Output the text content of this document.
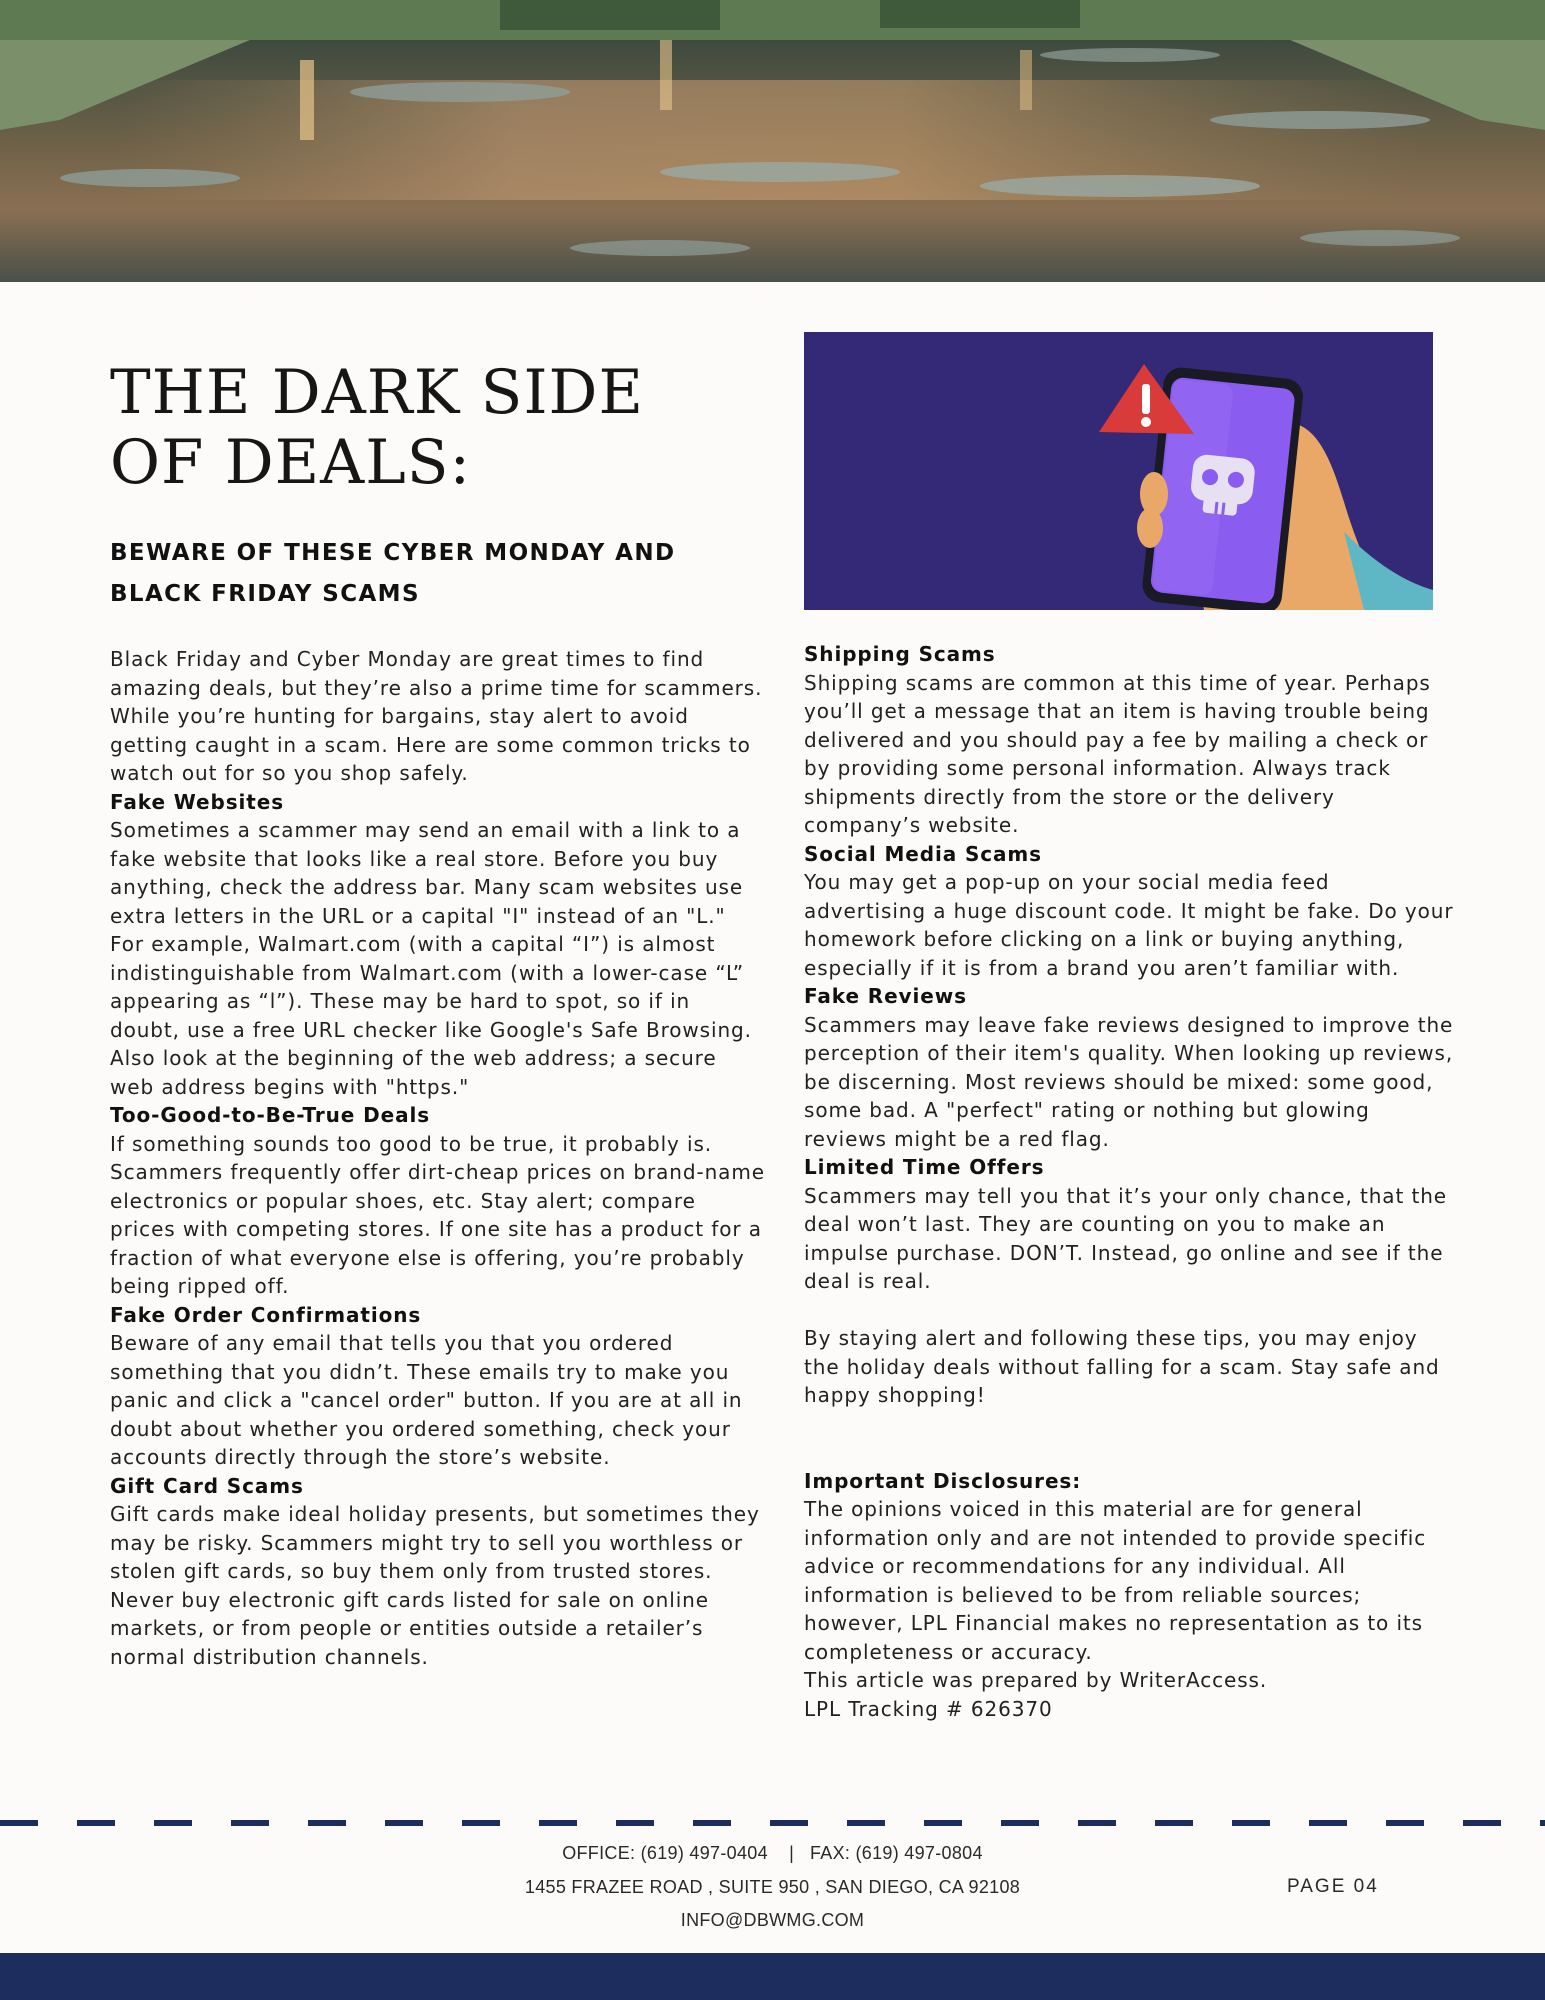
THE DARK SIDE
OF DEALS:
BEWARE OF THESE CYBER MONDAY AND BLACK FRIDAY SCAMS

Black Friday and Cyber Monday are great times to find amazing deals, but they’re also a prime time for scammers. While you’re hunting for bargains, stay alert to avoid getting caught in a scam. Here are some common tricks to watch out for so you shop safely.

Fake Websites

Sometimes a scammer may send an email with a link to a fake website that looks like a real store. Before you buy anything, check the address bar. Many scam websites use extra letters in the URL or a capital "I" instead of an "L." For example, WaImart.com (with a capital “I”) is almost indistinguishable from Walmart.com (with a lower-case “L” appearing as “l”). These may be hard to spot, so if in doubt, use a free URL checker like Google's Safe Browsing. Also look at the beginning of the web address; a secure web address begins with "https."

Too-Good-to-Be-True Deals

If something sounds too good to be true, it probably is. Scammers frequently offer dirt-cheap prices on brand-name electronics or popular shoes, etc. Stay alert; compare prices with competing stores. If one site has a product for a fraction of what everyone else is offering, you’re probably being ripped off.

Fake Order Confirmations

Beware of any email that tells you that you ordered something that you didn’t. These emails try to make you panic and click a "cancel order" button. If you are at all in doubt about whether you ordered something, check your accounts directly through the store’s website.

Gift Card Scams

Gift cards make ideal holiday presents, but sometimes they may be risky. Scammers might try to sell you worthless or stolen gift cards, so buy them only from trusted stores. Never buy electronic gift cards listed for sale on online markets, or from people or entities outside a retailer’s normal distribution channels.

Shipping Scams

Shipping scams are common at this time of year. Perhaps you’ll get a message that an item is having trouble being delivered and you should pay a fee by mailing a check or by providing some personal information. Always track shipments directly from the store or the delivery company’s website.

Social Media Scams

You may get a pop-up on your social media feed advertising a huge discount code. It might be fake. Do your homework before clicking on a link or buying anything, especially if it is from a brand you aren’t familiar with.

Fake Reviews

Scammers may leave fake reviews designed to improve the perception of their item's quality. When looking up reviews, be discerning. Most reviews should be mixed: some good, some bad. A "perfect" rating or nothing but glowing reviews might be a red flag.

Limited Time Offers

Scammers may tell you that it’s your only chance, that the deal won’t last. They are counting on you to make an impulse purchase. DON’T. Instead, go online and see if the deal is real.

By staying alert and following these tips, you may enjoy the holiday deals without falling for a scam. Stay safe and happy shopping!

Important Disclosures:

The opinions voiced in this material are for general information only and are not intended to provide specific advice or recommendations for any individual. All information is believed to be from reliable sources; however, LPL Financial makes no representation as to its completeness or accuracy.

This article was prepared by WriterAccess.

LPL Tracking # 626370

OFFICE: (619) 497-0404    |   FAX: (619) 497-0804
1455 FRAZEE ROAD , SUITE 950 , SAN DIEGO, CA 92108
INFO@DBWMG.COM
PAGE 04
